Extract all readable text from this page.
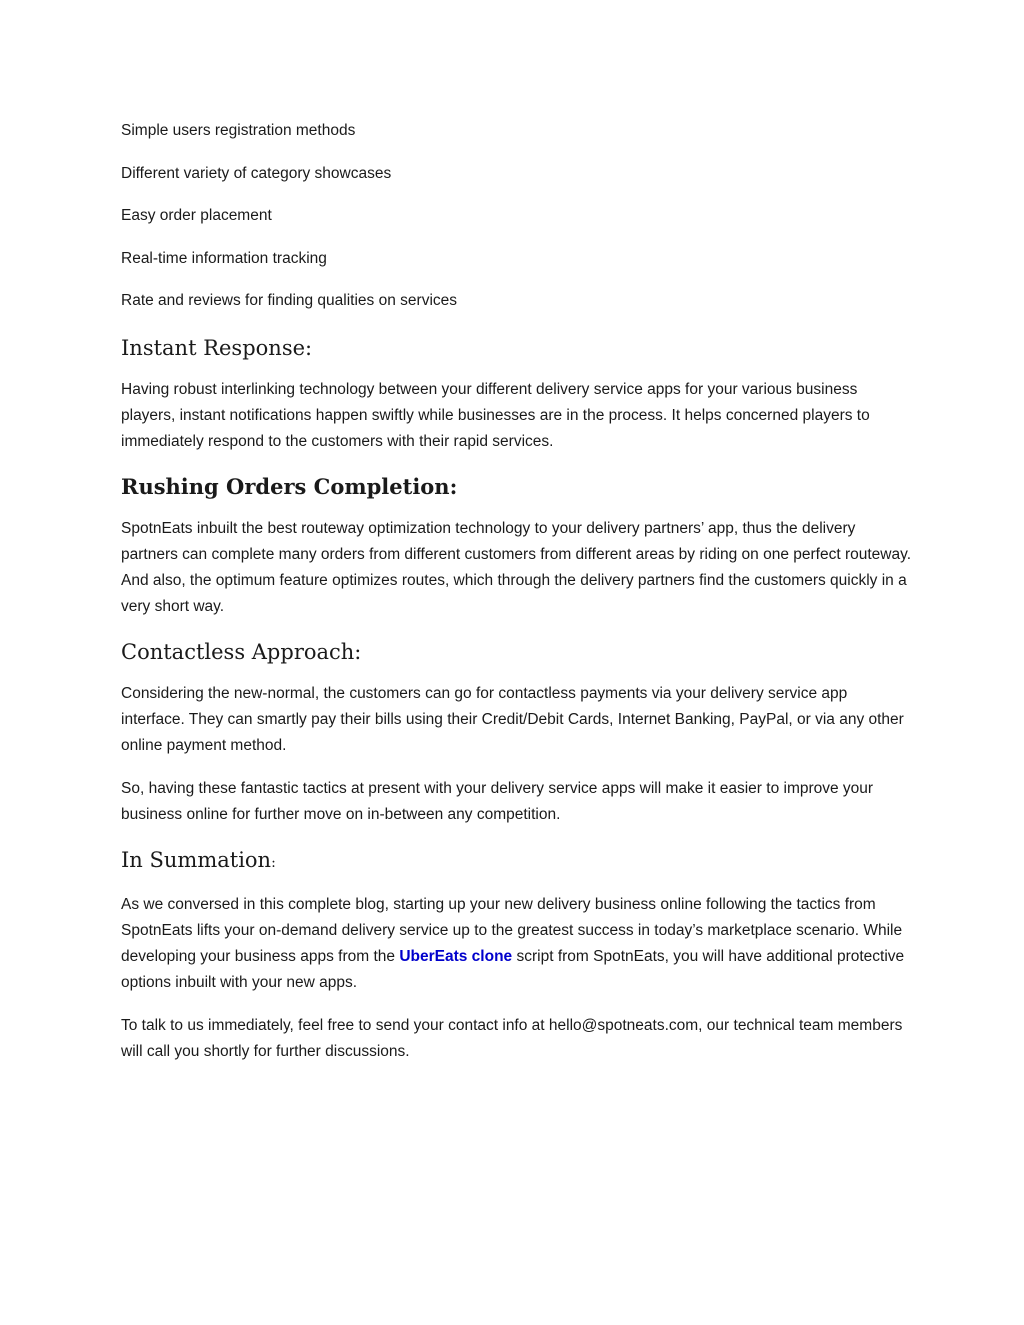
Simple users registration methods
Different variety of category showcases
Easy order placement
Real-time information tracking
Rate and reviews for finding qualities on services
Instant Response:

Having robust interlinking technology between your different delivery service apps for your various business players, instant notifications happen swiftly while businesses are in the process. It helps concerned players to immediately respond to the customers with their rapid services.

Rushing Orders Completion:

SpotnEats inbuilt the best routeway optimization technology to your delivery partners’ app, thus the delivery partners can complete many orders from different customers from different areas by riding on one perfect routeway. And also, the optimum feature optimizes routes, which through the delivery partners find the customers quickly in a very short way.

Contactless Approach:

Considering the new-normal, the customers can go for contactless payments via your delivery service app interface. They can smartly pay their bills using their Credit/Debit Cards, Internet Banking, PayPal, or via any other online payment method.

So, having these fantastic tactics at present with your delivery service apps will make it easier to improve your business online for further move on in-between any competition.

In Summation:

As we conversed in this complete blog, starting up your new delivery business online following the tactics from SpotnEats lifts your on-demand delivery service up to the greatest success in today’s marketplace scenario. While developing your business apps from the UberEats clone script from SpotnEats, you will have additional protective options inbuilt with your new apps.

To talk to us immediately, feel free to send your contact info at hello@spotneats.com, our technical team members will call you shortly for further discussions.
